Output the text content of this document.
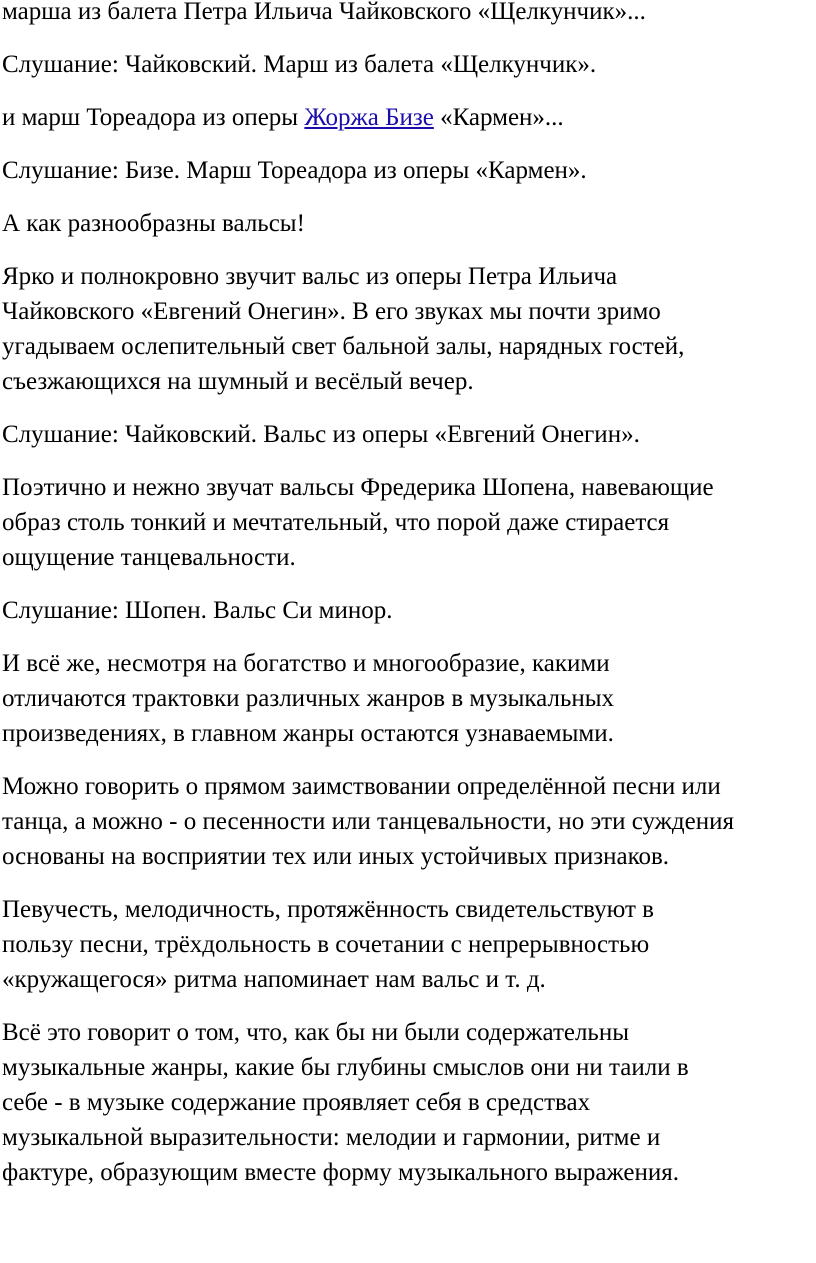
марша из балета Петра Ильича Чайковского «Щелкунчик»...

Слушание: Чайковский. Марш из балета «Щелкунчик».

и марш Тореадора из оперы Жоржа Бизе «Кармен»...

Слушание: Бизе. Марш Тореадора из оперы «Кармен».

А как разнообразны вальсы!

Ярко и полнокровно звучит вальс из оперы Петра Ильича
Чайковского «Евгений Онегин». В его звуках мы почти зримо
угадываем ослепительный свет бальной залы, нарядных гостей,
съезжающихся на шумный и весёлый вечер.

Слушание: Чайковский. Вальс из оперы «Евгений Онегин».

Поэтично и нежно звучат вальсы Фредерика Шопена, навевающие
образ столь тонкий и мечтательный, что порой даже стирается
ощущение танцевальности.

Слушание: Шопен. Вальс Си минор.

И всё же, несмотря на богатство и многообразие, какими
отличаются трактовки различных жанров в музыкальных
произведениях, в главном жанры остаются узнаваемыми.

Можно говорить о прямом заимствовании определённой песни или
танца, а можно - о песенности или танцевальности, но эти суждения
основаны на восприятии тех или иных устойчивых признаков.

Певучесть, мелодичность, протяжённость свидетельствуют в
пользу песни, трёхдольность в сочетании с непрерывностью
«кружащегося» ритма напоминает нам вальс и т. д.

Всё это говорит о том, что, как бы ни были содержательны
музыкальные жанры, какие бы глубины смыслов они ни таили в
себе - в музыке содержание проявляет себя в средствах
музыкальной выразительности: мелодии и гармонии, ритме и
фактуре, образующим вместе форму музыкального выражения.
